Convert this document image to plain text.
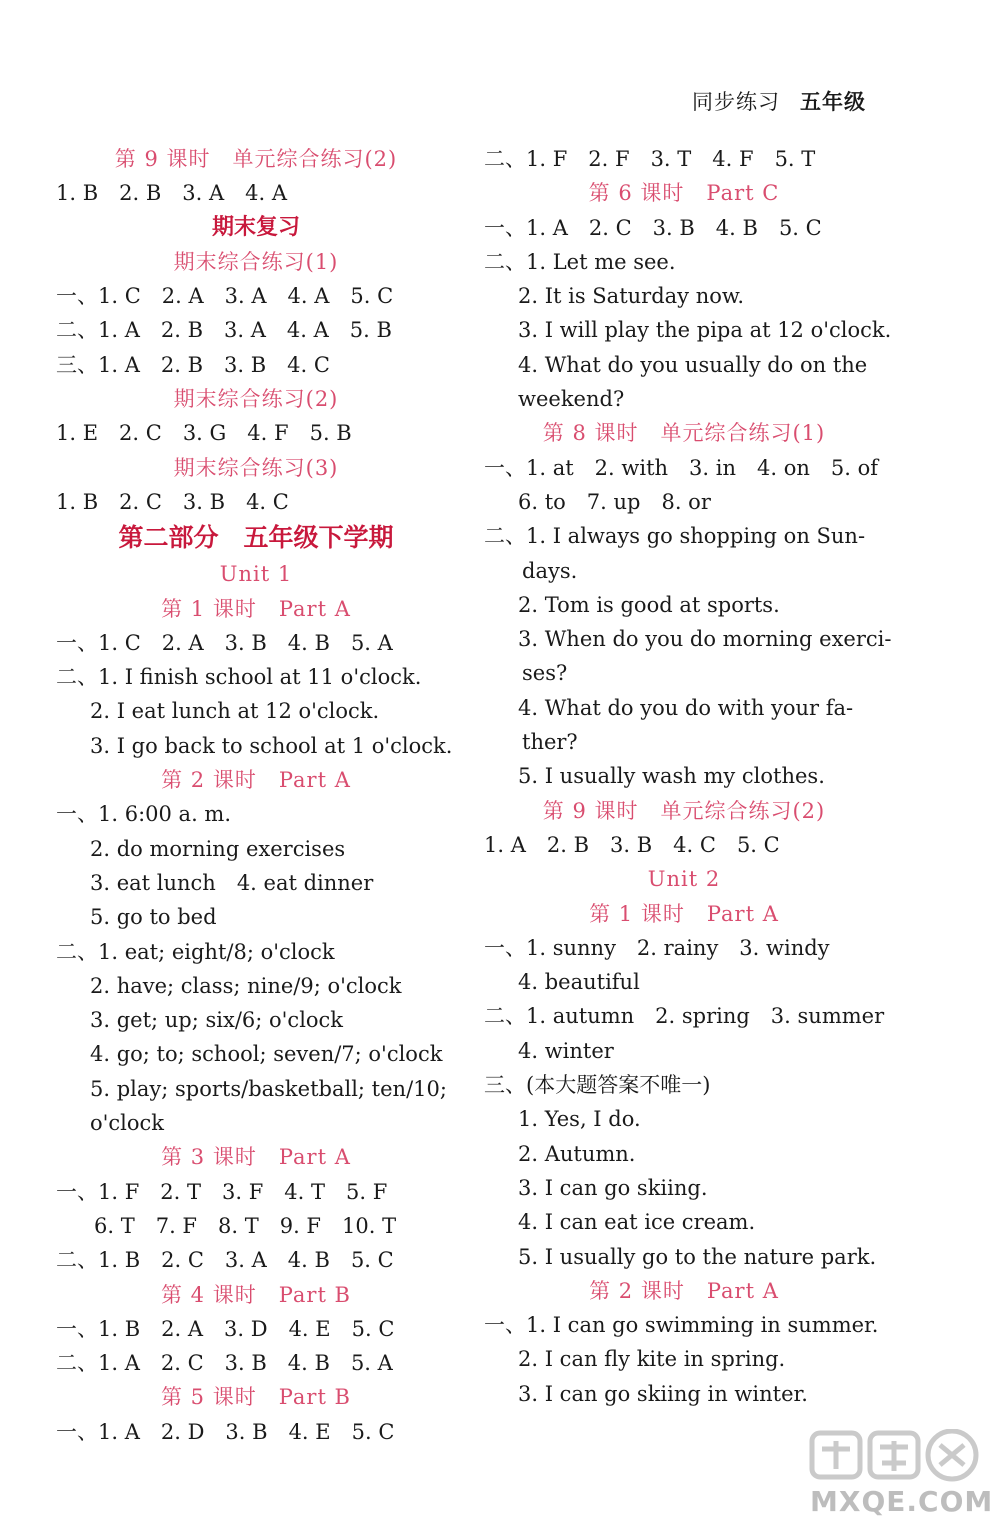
同步练习 五年级
第 9 课时　单元综合练习(2)
1. B　2. B　3. A　4. A
期末复习
期末综合练习(1)
一、1. C　2. A　3. A　4. A　5. C
二、1. A　2. B　3. A　4. A　5. B
三、1. A　2. B　3. B　4. C
期末综合练习(2)
1. E　2. C　3. G　4. F　5. B
期末综合练习(3)
1. B　2. C　3. B　4. C
第二部分　五年级下学期
Unit 1
第 1 课时　Part A
一、1. C　2. A　3. B　4. B　5. A
二、1. I finish school at 11 o'clock.
2. I eat lunch at 12 o'clock.
3. I go back to school at 1 o'clock.
第 2 课时　Part A
一、1. 6:00 a. m.
2. do morning exercises
3. eat lunch　4. eat dinner
5. go to bed
二、1. eat; eight/8; o'clock
2. have; class; nine/9; o'clock
3. get; up; six/6; o'clock
4. go; to; school; seven/7; o'clock
5. play; sports/basketball; ten/10;
o'clock
第 3 课时　Part A
一、1. F　2. T　3. F　4. T　5. F
6. T　7. F　8. T　9. F　10. T
二、1. B　2. C　3. A　4. B　5. C
第 4 课时　Part B
一、1. B　2. A　3. D　4. E　5. C
二、1. A　2. C　3. B　4. B　5. A
第 5 课时　Part B
一、1. A　2. D　3. B　4. E　5. C
二、1. F　2. F　3. T　4. F　5. T
第 6 课时　Part C
一、1. A　2. C　3. B　4. B　5. C
二、1. Let me see.
2. It is Saturday now.
3. I will play the pipa at 12 o'clock.
4. What do you usually do on the
weekend?
第 8 课时　单元综合练习(1)
一、1. at　2. with　3. in　4. on　5. of
6. to　7. up　8. or
二、1. I always go shopping on Sun-
days.
2. Tom is good at sports.
3. When do you do morning exerci-
ses?
4. What do you do with your fa-
ther?
5. I usually wash my clothes.
第 9 课时　单元综合练习(2)
1. A　2. B　3. B　4. C　5. C
Unit 2
第 1 课时　Part A
一、1. sunny　2. rainy　3. windy
4. beautiful
二、1. autumn　2. spring　3. summer
4. winter
三、(本大题答案不唯一)
1. Yes, I do.
2. Autumn.
3. I can go skiing.
4. I can eat ice cream.
5. I usually go to the nature park.
第 2 课时　Part A
一、1. I can go swimming in summer.
2. I can fly kite in spring.
3. I can go skiing in winter.
MXQE.COM
